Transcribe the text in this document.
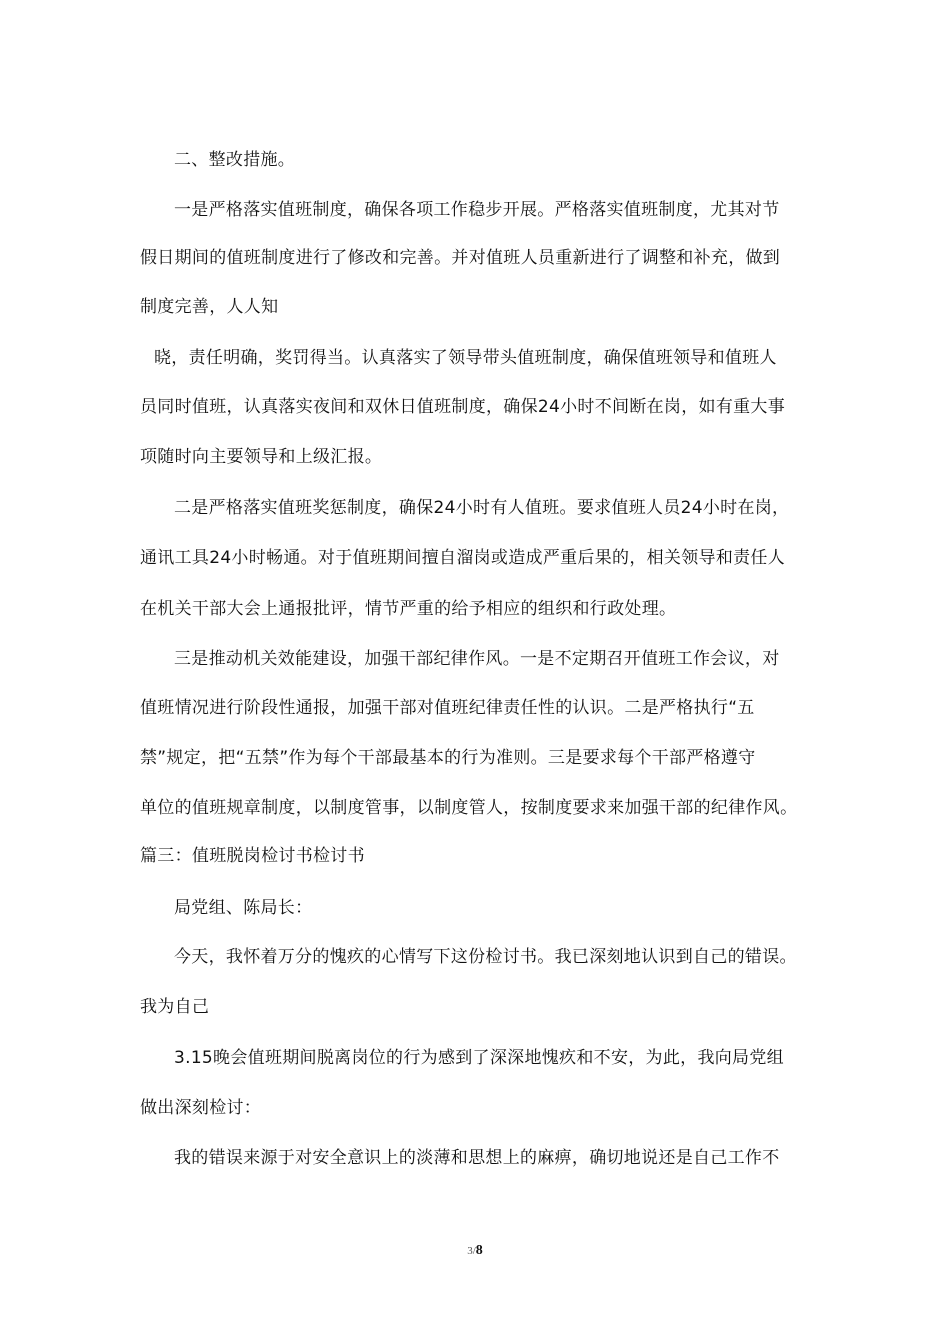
二、整改措施。
一是严格落实值班制度，确保各项工作稳步开展。严格落实值班制度，尤其对节
假日期间的值班制度进行了修改和完善。并对值班人员重新进行了调整和补充，做到
制度完善，人人知
晓，责任明确，奖罚得当。认真落实了领导带头值班制度，确保值班领导和值班人
员同时值班，认真落实夜间和双休日值班制度，确保24小时不间断在岗，如有重大事
项随时向主要领导和上级汇报。
二是严格落实值班奖惩制度，确保24小时有人值班。要求值班人员24小时在岗，
通讯工具24小时畅通。对于值班期间擅自溜岗或造成严重后果的，相关领导和责任人
在机关干部大会上通报批评，情节严重的给予相应的组织和行政处理。
三是推动机关效能建设，加强干部纪律作风。一是不定期召开值班工作会议，对
值班情况进行阶段性通报，加强干部对值班纪律责任性的认识。二是严格执行“五
禁”规定，把“五禁”作为每个干部最基本的行为准则。三是要求每个干部严格遵守
单位的值班规章制度，以制度管事，以制度管人，按制度要求来加强干部的纪律作风。
篇三：值班脱岗检讨书检讨书
局党组、陈局长：
今天，我怀着万分的愧疚的心情写下这份检讨书。我已深刻地认识到自己的错误。
我为自己
3.15晚会值班期间脱离岗位的行为感到了深深地愧疚和不安，为此，我向局党组
做出深刻检讨：
我的错误来源于对安全意识上的淡薄和思想上的麻痹，确切地说还是自己工作不
3/8
